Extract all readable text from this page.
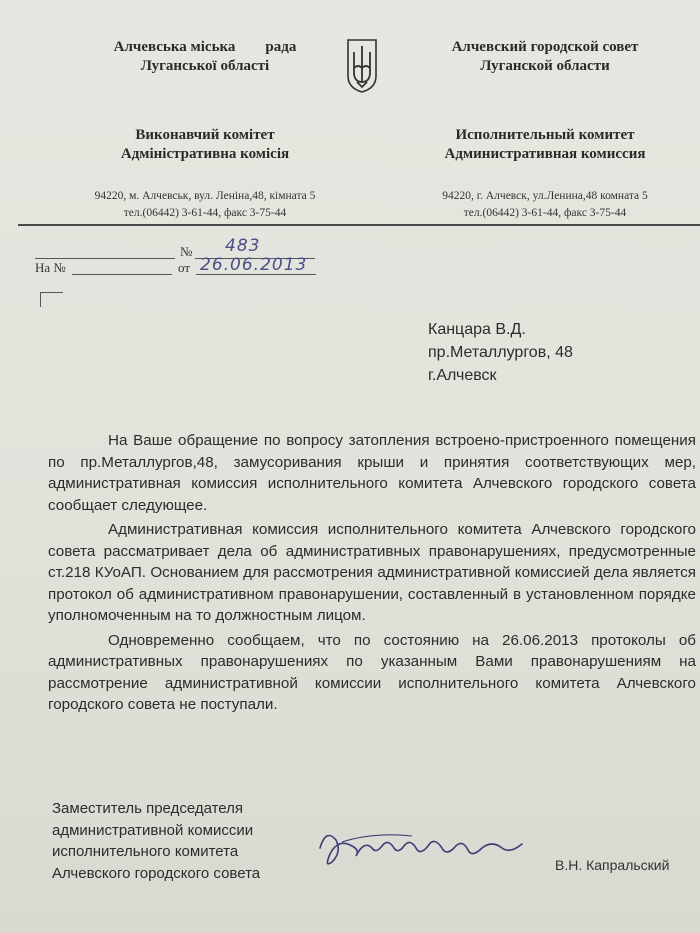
Алчевська міська        рада
Луганської області
Алчевский городской совет
Луганской области
Виконавчий комітет
Адміністративна комісія
Исполнительный комитет
Административная комиссия
94220, м. Алчевськ, вул. Леніна,48, кімната 5
тел.(06442) 3-61-44, факс 3-75-44
94220, г. Алчевск, ул.Ленина,48 комната 5
тел.(06442) 3-61-44, факс 3-75-44
№ 483
На №	от 26.06.2013
Канцара В.Д.
пр.Металлургов, 48
г.Алчевск

На Ваше обращение по вопросу затопления встроено-пристроенного помещения по пр.Металлургов,48, замусоривания крыши и принятия соответствующих мер, административная комиссия исполнительного комитета Алчевского городского совета сообщает следующее.

Административная комиссия исполнительного комитета Алчевского городского совета рассматривает дела об административных правонарушениях, предусмотренные ст.218 КУоАП. Основанием для рассмотрения административной комиссией дела является протокол об административном правонарушении, составленный в установленном порядке уполномоченным на то должностным лицом.

Одновременно сообщаем, что по состоянию на 26.06.2013 протоколы об административных правонарушениях по указанным Вами правонарушениям на рассмотрение административной комиссии исполнительного комитета Алчевского городского совета не поступали.

Заместитель председателя
административной комиссии
исполнительного комитета
Алчевского городского совета	В.Н. Капральский
